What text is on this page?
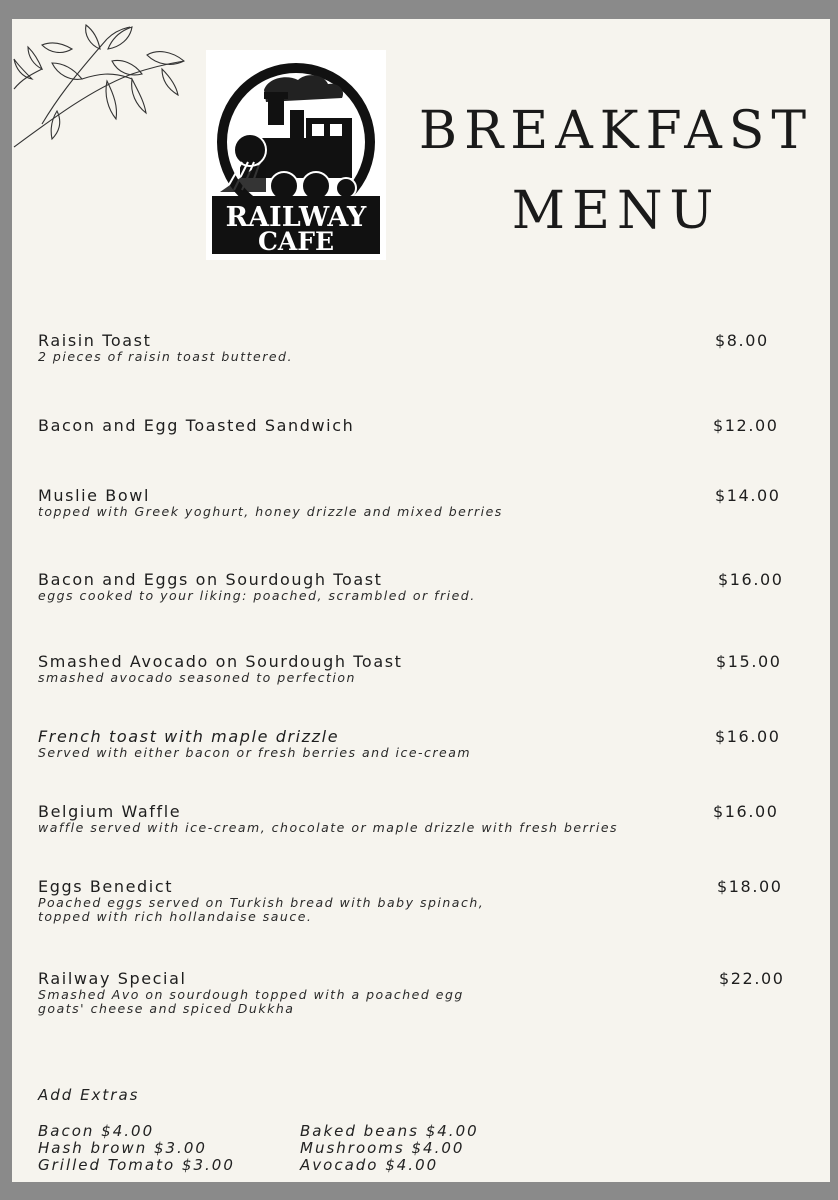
RAILWAY
CAFE
BREAKFAST
MENU
Raisin Toast
2 pieces of raisin toast buttered.
$8.00
Bacon and Egg Toasted Sandwich	$12.00
Muslie Bowl
topped with Greek yoghurt, honey drizzle and mixed berries
$14.00
Bacon and Eggs on Sourdough Toast
eggs cooked to your liking: poached, scrambled or fried.
$16.00
Smashed Avocado on Sourdough Toast
smashed avocado seasoned to perfection
$15.00
French toast with maple drizzle
Served with either bacon or fresh berries and ice-cream
$16.00
Belgium Waffle
waffle served with ice-cream, chocolate or maple drizzle with fresh berries
$16.00
Eggs Benedict
Poached eggs served on Turkish bread with baby spinach,
topped with rich hollandaise sauce.
$18.00
Railway Special
Smashed Avo on sourdough topped with a poached egg
goats' cheese and spiced Dukkha
$22.00
Add Extras
Bacon $4.00
Hash brown $3.00
Grilled Tomato $3.00
Baked beans $4.00
Mushrooms $4.00
Avocado $4.00
